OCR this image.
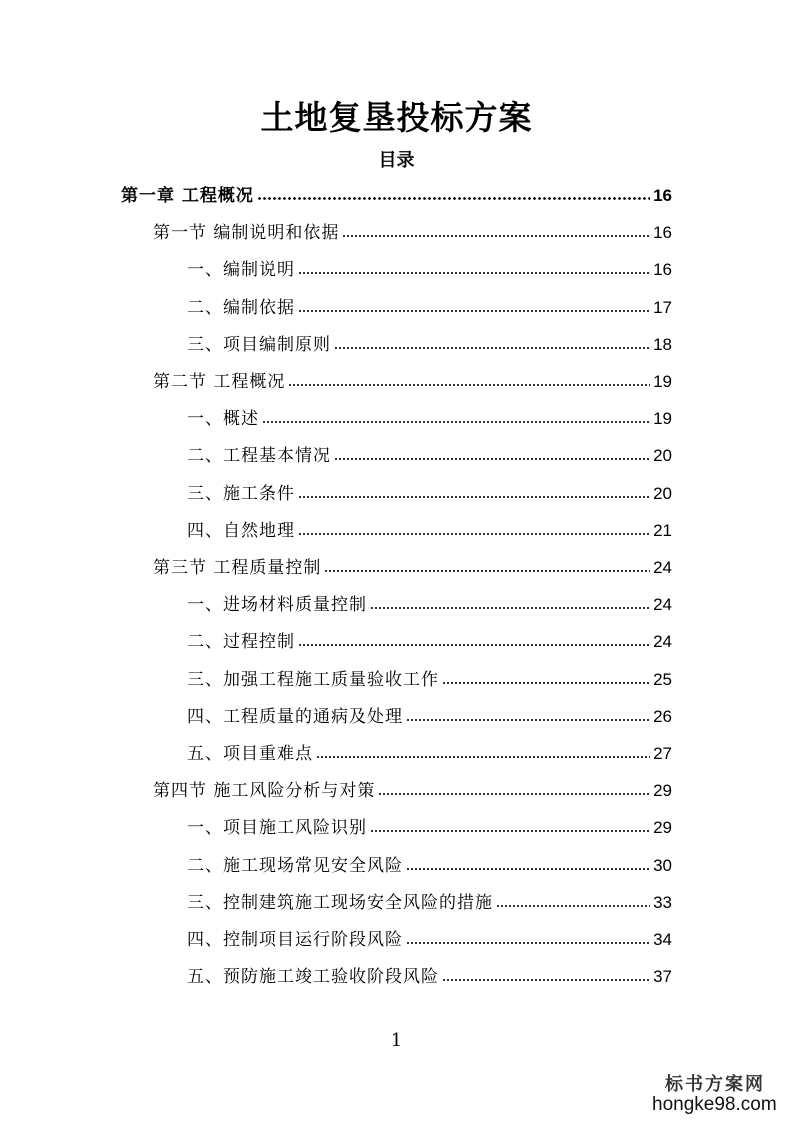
土地复垦投标方案
目录
第一章 工程概况	16
第一节 编制说明和依据	16
一、编制说明	16
二、编制依据	17
三、项目编制原则	18
第二节 工程概况	19
一、概述	19
二、工程基本情况	20
三、施工条件	20
四、自然地理	21
第三节 工程质量控制	24
一、进场材料质量控制	24
二、过程控制	24
三、加强工程施工质量验收工作	25
四、工程质量的通病及处理	26
五、项目重难点	27
第四节 施工风险分析与对策	29
一、项目施工风险识别	29
二、施工现场常见安全风险	30
三、控制建筑施工现场安全风险的措施	33
四、控制项目运行阶段风险	34
五、预防施工竣工验收阶段风险	37
1
标书方案网
hongke98.com
